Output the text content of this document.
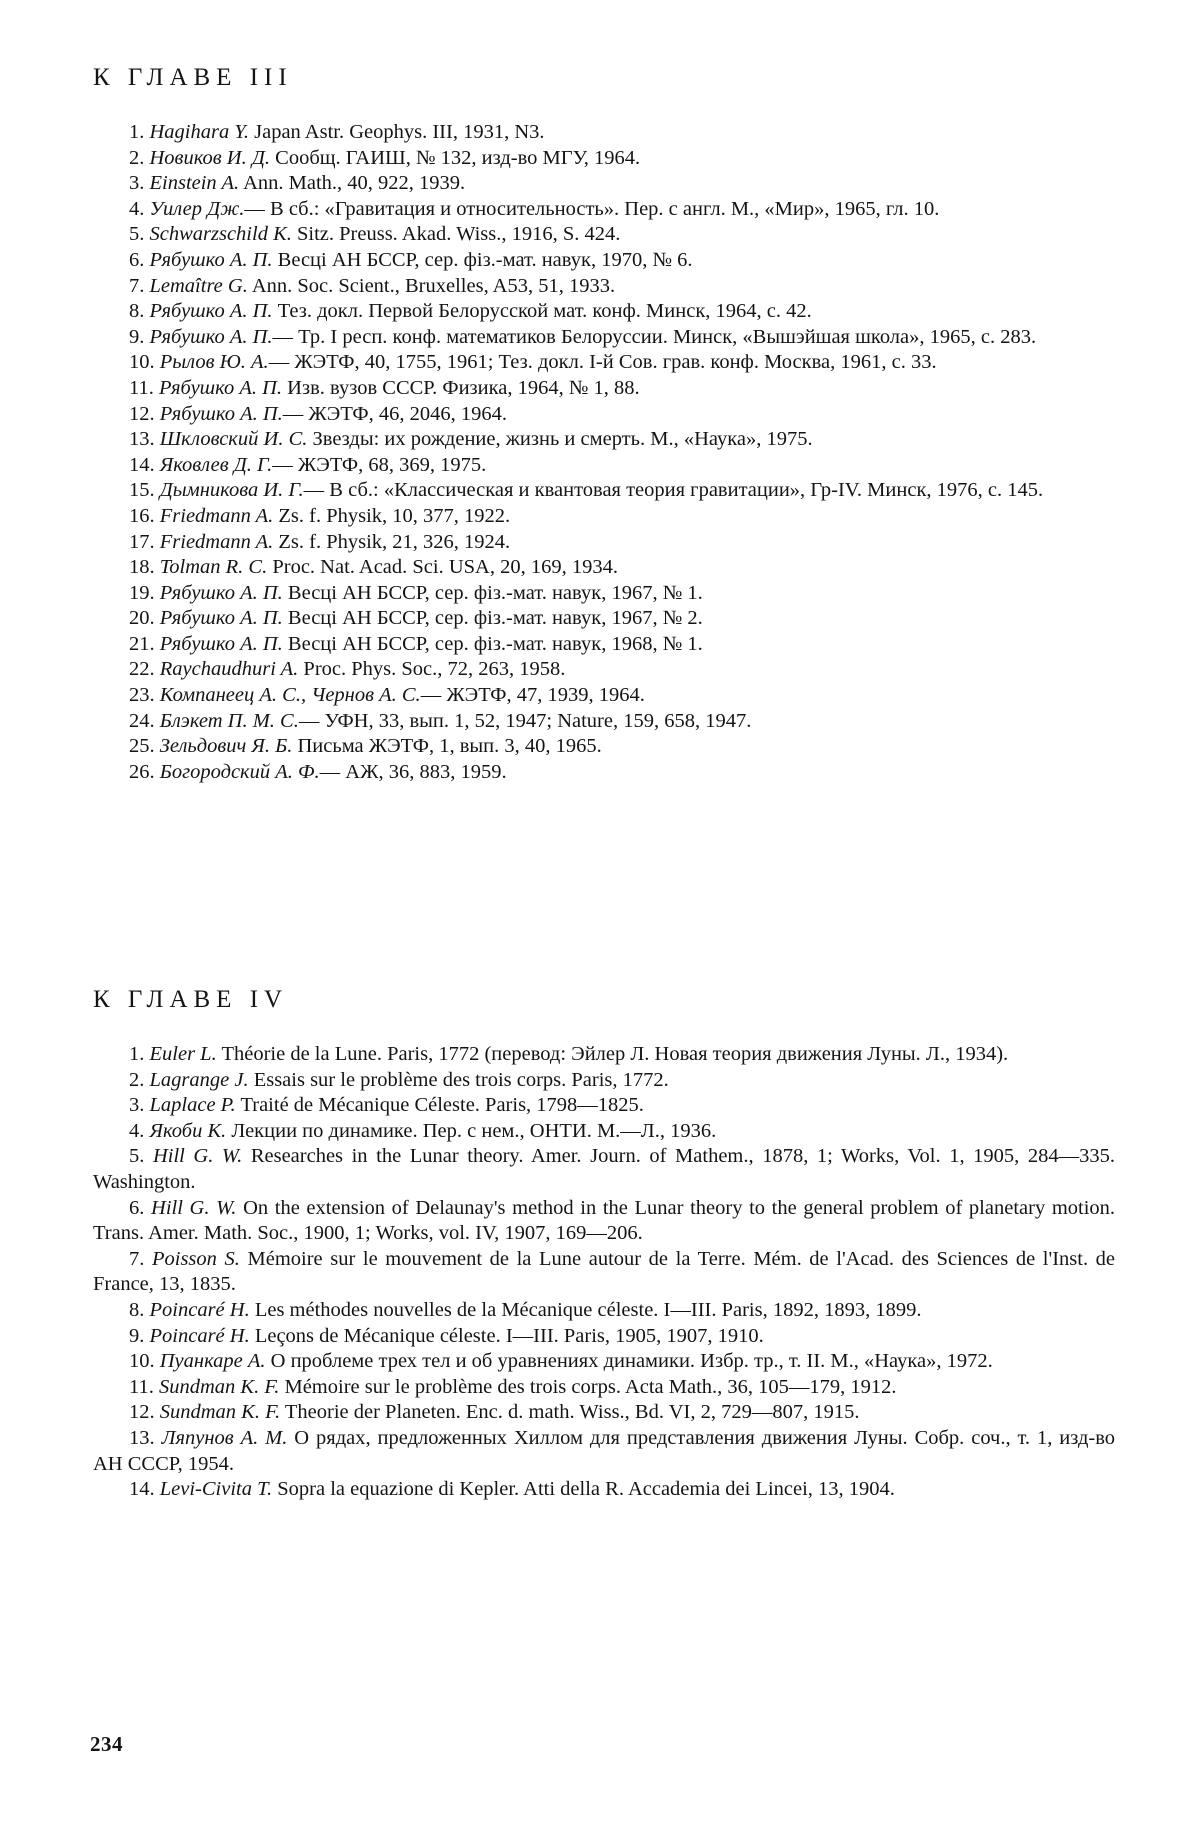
К ГЛАВЕ III
1. Hagihara Y. Japan Astr. Geophys. III, 1931, N3.
2. Новиков И. Д. Сообщ. ГАИШ, № 132, изд-во МГУ, 1964.
3. Einstein A. Ann. Math., 40, 922, 1939.
4. Уилер Дж.— В сб.: «Гравитация и относительность». Пер. с англ. М., «Мир», 1965, гл. 10.
5. Schwarzschild K. Sitz. Preuss. Akad. Wiss., 1916, S. 424.
6. Рябушко А. П. Весці АН БССР, сер. фіз.-мат. навук, 1970, № 6.
7. Lemaître G. Ann. Soc. Scient., Bruxelles, A53, 51, 1933.
8. Рябушко А. П. Тез. докл. Первой Белорусской мат. конф. Минск, 1964, с. 42.
9. Рябушко А. П.— Тр. I респ. конф. математиков Белоруссии. Минск, «Вышэйшая школа», 1965, с. 283.
10. Рылов Ю. А.— ЖЭТФ, 40, 1755, 1961; Тез. докл. I-й Сов. грав. конф. Москва, 1961, с. 33.
11. Рябушко А. П. Изв. вузов СССР. Физика, 1964, № 1, 88.
12. Рябушко А. П.— ЖЭТФ, 46, 2046, 1964.
13. Шкловский И. С. Звезды: их рождение, жизнь и смерть. М., «Наука», 1975.
14. Яковлев Д. Г.— ЖЭТФ, 68, 369, 1975.
15. Дымникова И. Г.— В сб.: «Классическая и квантовая теория гравитации», Гр-IV. Минск, 1976, с. 145.
16. Friedmann A. Zs. f. Physik, 10, 377, 1922.
17. Friedmann A. Zs. f. Physik, 21, 326, 1924.
18. Tolman R. C. Proc. Nat. Acad. Sci. USA, 20, 169, 1934.
19. Рябушко А. П. Весці АН БССР, сер. фіз.-мат. навук, 1967, № 1.
20. Рябушко А. П. Весці АН БССР, сер. фіз.-мат. навук, 1967, № 2.
21. Рябушко А. П. Весці АН БССР, сер. фіз.-мат. навук, 1968, № 1.
22. Raychaudhuri A. Proc. Phys. Soc., 72, 263, 1958.
23. Компанеец А. С., Чернов А. С.— ЖЭТФ, 47, 1939, 1964.
24. Блэкет П. М. С.— УФН, 33, вып. 1, 52, 1947; Nature, 159, 658, 1947.
25. Зельдович Я. Б. Письма ЖЭТФ, 1, вып. 3, 40, 1965.
26. Богородский А. Ф.— АЖ, 36, 883, 1959.
К ГЛАВЕ IV
1. Euler L. Théorie de la Lune. Paris, 1772 (перевод: Эйлер Л. Новая теория движения Луны. Л., 1934).
2. Lagrange J. Essais sur le problème des trois corps. Paris, 1772.
3. Laplace P. Traité de Mécanique Céleste. Paris, 1798—1825.
4. Якоби К. Лекции по динамике. Пер. с нем., ОНТИ. М.—Л., 1936.
5. Hill G. W. Researches in the Lunar theory. Amer. Journ. of Mathem., 1878, 1; Works, Vol. 1, 1905, 284—335. Washington.
6. Hill G. W. On the extension of Delaunay's method in the Lunar theory to the general problem of planetary motion. Trans. Amer. Math. Soc., 1900, 1; Works, vol. IV, 1907, 169—206.
7. Poisson S. Mémoire sur le mouvement de la Lune autour de la Terre. Mém. de l'Acad. des Sciences de l'Inst. de France, 13, 1835.
8. Poincaré H. Les méthodes nouvelles de la Mécanique céleste. I—III. Paris, 1892, 1893, 1899.
9. Poincaré H. Leçons de Mécanique céleste. I—III. Paris, 1905, 1907, 1910.
10. Пуанкаре А. О проблеме трех тел и об уравнениях динамики. Избр. тр., т. II. М., «Наука», 1972.
11. Sundman K. F. Mémoire sur le problème des trois corps. Acta Math., 36, 105—179, 1912.
12. Sundman K. F. Theorie der Planeten. Enc. d. math. Wiss., Bd. VI, 2, 729—807, 1915.
13. Ляпунов А. М. О рядах, предложенных Хиллом для представления движения Луны. Собр. соч., т. 1, изд-во АН СССР, 1954.
14. Levi-Civita T. Sopra la equazione di Kepler. Atti della R. Accademia dei Lincei, 13, 1904.
234
